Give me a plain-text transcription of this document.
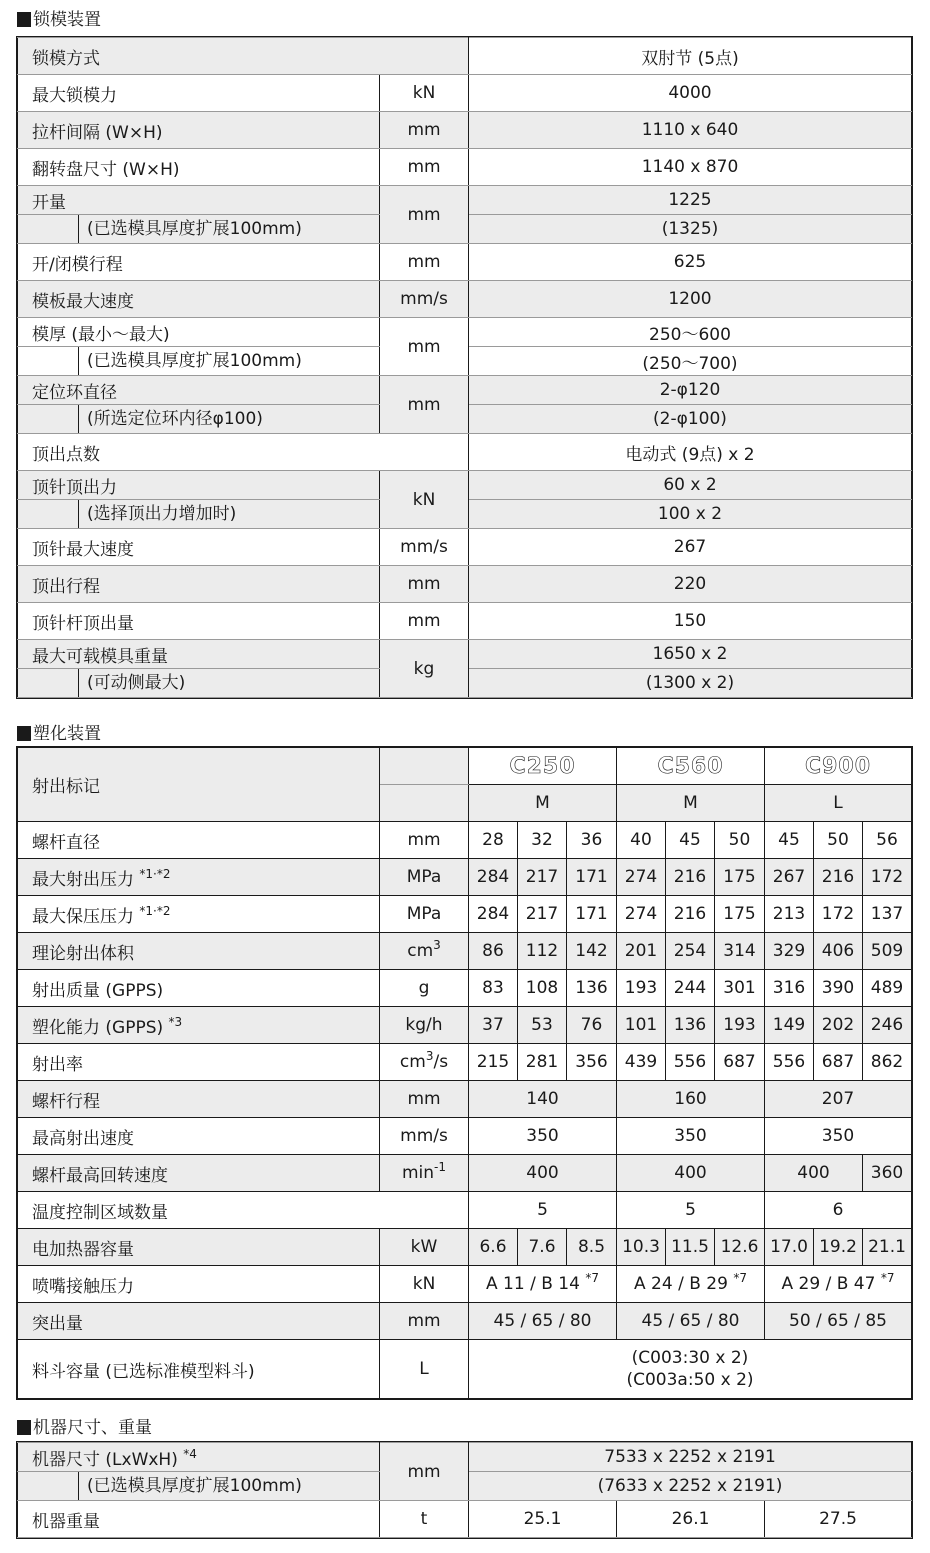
锁模装置
锁模方式		双肘节 (5点)
最大锁模力	kN	4000
拉杆间隔 (W×H)	mm	1110 x 640
翻转盘尺寸 (W×H)	mm	1140 x 870
开量	mm	1225

(已选模具厚度扩展100mm)		(1325)
开/闭模行程	mm	625
模板最大速度	mm/s	1200
模厚 (最小～最大)	mm	250～600

(已选模具厚度扩展100mm)		(250～700)
定位环直径	mm	2-φ120

(所选定位环内径φ100)		(2-φ100)
顶出点数		电动式 (9点) x 2
顶针顶出力	kN	60 x 2

(选择顶出力增加时)		100 x 2
顶针最大速度	mm/s	267
顶出行程	mm	220
顶针杆顶出量	mm	150
最大可载模具重量	kg	1650 x 2

(可动侧最大)		(1300 x 2)
塑化装置
射出标记		C250			C560			C900		
		M			M			L		
螺杆直径	mm	28	32	36	40	45	50	45	50	56
最大射出压力 $^{*1\cdot*2}$	MPa	284	217	171	274	216	175	267	216	172
最大保压压力 $^{*1\cdot*2}$	MPa	284	217	171	274	216	175	213	172	137
理论射出体积	$cm^3$	86	112	142	201	254	314	329	406	509
射出质量 (GPPS)	g	83	108	136	193	244	301	316	390	489
塑化能力 (GPPS) $^{*3}$	kg/h	37	53	76	101	136	193	149	202	246
射出率	$cm^3/s$	215	281	356	439	556	687	556	687	862
螺杆行程	mm	140			160			207		
最高射出速度	mm/s	350			350			350		
螺杆最高回转速度	$\min^{-1}$	400			400			400		360
温度控制区域数量		5			5			6		
电加热器容量	kW	6.6	7.6	8.5	10.3	11.5	12.6	17.0	19.2	21.1
喷嘴接触压力	kN	A 11 / B 14 $^{*7}$			A 24 / B 29 $^{*7}$			A 29 / B 47 $^{*7}$
突出量	mm	45 / 65 / 80			45 / 65 / 80			50 / 65 / 85		
料斗容量 (已选标准模型料斗)	L	(C003:30 x 2)
(C003a:50 x 2)								
机器尺寸、重量
机器尺寸 (LxWxH) $^{*4}$	mm	7533 x 2252 x 2191		

(已选模具厚度扩展100mm)		(7633 x 2252 x 2191)		
机器重量	t	25.1	26.1	27.5
